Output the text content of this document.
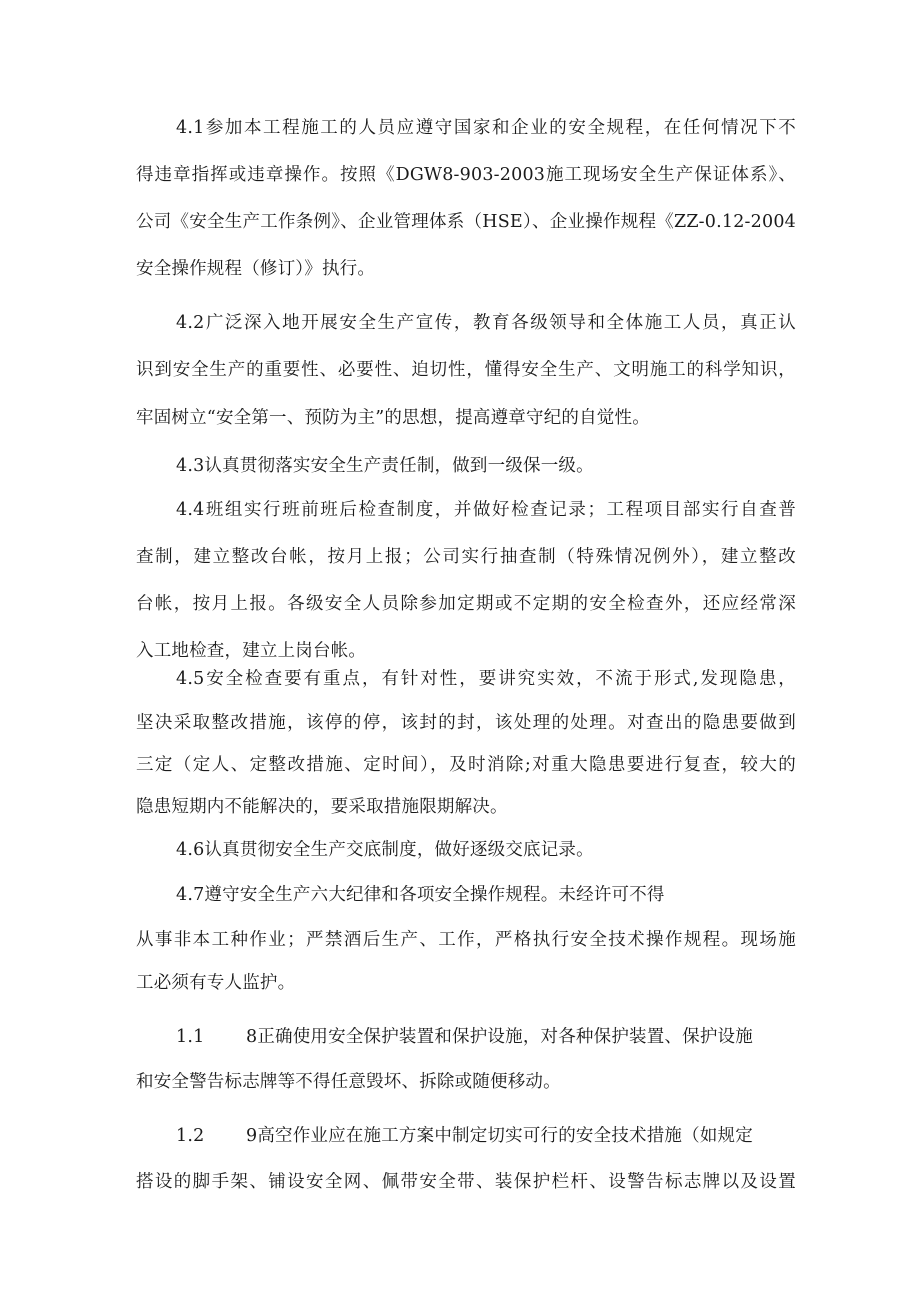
4.1参加本工程施工的人员应遵守国家和企业的安全规程，在任何情况下不
得违章指挥或违章操作。按照《DGW8-903-2003施工现场安全生产保证体系》、
公司《安全生产工作条例》、企业管理体系（HSE）、企业操作规程《ZZ-0.12-2004
安全操作规程（修订）》执行。
4.2广泛深入地开展安全生产宣传，教育各级领导和全体施工人员，真正认
识到安全生产的重要性、必要性、迫切性，懂得安全生产、文明施工的科学知识，
牢固树立“安全第一、预防为主”的思想，提高遵章守纪的自觉性。
4.3认真贯彻落实安全生产责任制，做到一级保一级。
4.4班组实行班前班后检查制度，并做好检查记录；工程项目部实行自查普
查制，建立整改台帐，按月上报；公司实行抽查制（特殊情况例外），建立整改
台帐，按月上报。各级安全人员除参加定期或不定期的安全检查外，还应经常深
入工地检查，建立上岗台帐。
4.5安全检查要有重点，有针对性，要讲究实效，不流于形式,发现隐患，
坚决采取整改措施，该停的停，该封的封，该处理的处理。对查出的隐患要做到
三定（定人、定整改措施、定时间），及时消除;对重大隐患要进行复查，较大的
隐患短期内不能解决的，要采取措施限期解决。
4.6认真贯彻安全生产交底制度，做好逐级交底记录。
4.7遵守安全生产六大纪律和各项安全操作规程。未经许可不得
从事非本工种作业；严禁酒后生产、工作，严格执行安全技术操作规程。现场施
工必须有专人监护。
1.1 8正确使用安全保护装置和保护设施，对各种保护装置、保护设施
和安全警告标志牌等不得任意毁坏、拆除或随便移动。
1.2 9高空作业应在施工方案中制定切实可行的安全技术措施（如规定
搭设的脚手架、铺设安全网、佩带安全带、装保护栏杆、设警告标志牌以及设置
